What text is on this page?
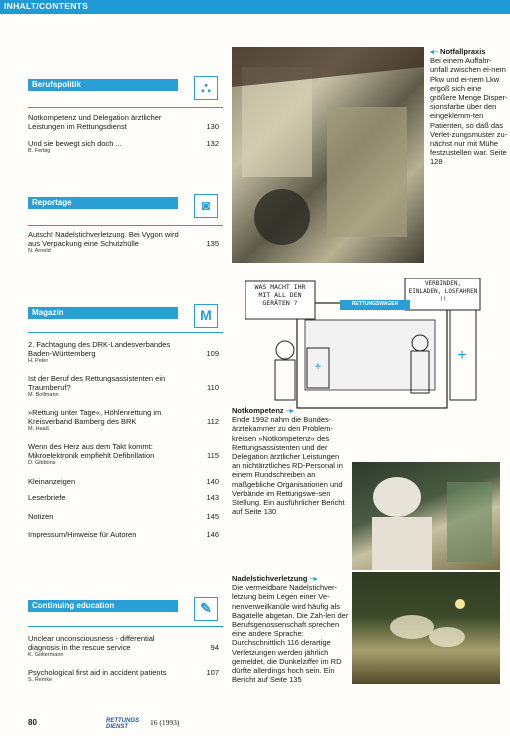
INHALT/CONTENTS
Berufspolitik	⛬
Notkompetenz und Delegation ärztlicher Leistungen im Rettungsdienst	130
Und sie bewegt sich doch ...	132
B. Ferbig
Reportage	◙
Autsch! Nadelstichverletzung. Bei Vygon wird aus Verpackung eine Schutzhülle	135
N. Arnold
Magazin	M
2. Fachtagung des DRK-Landesverbandes Baden-Württemberg	109
H. Peter
Ist der Beruf des Rettungsassistenten ein Traumberuf?	110
M. Bollmann
»Rettung unter Tage«, Höhlenrettung im Kreisverband Bamberg des BRK	112
M. Haaß
Wenn des Herz aus dem Takt kommt: Mikroelektronik empfiehlt Defibrillation	115
D. Gibbons
Kleinanzeigen	140
Leserbriefe	143
Notizen	145
Impressum/Hinweise für Autoren	146
Continuing education	✎
Unclear unconsciousness - differential diagnosis in the rescue service	94
K. Goltermann
Psychological first aid in accident patients	107
S. Remke
◂– Notfallpraxis
Bei einem Auffahr-unfall zwischen ei-nem Pkw und ei-nem Lkw ergoß sich eine größere Menge Disper-sionsfarbe über den eingeklemm-ten Patienten, so daß das Verlet-zungsmuster zu-nächst nur mit Mühe festzustellen war. Seite 128
+
+
WAS MACHT IHR MIT ALL DEN GERÄTEN ?
VERBINDEN, EINLADEN, LOSFAHREN !!
RETTUNGSWAGEN
Notkompetenz –▸
Ende 1992 nahm die Bundes-ärztekammer zu den Problem-kreisen »Notkompetenz« des Rettungsassistenten und der Delegation ärztlicher Leistungen an nichtärztliches RD-Personal in einem Rundschreiben an maßgebliche Organisationen und Verbände im Rettungswe-sen Stellung. Ein ausführlicher Bericht auf Seite 130
Nadelstichverletzung –▸
Die vermeidbare Nadelstichver-letzung beim Legen einer Ve-nenverweilkanüle wird häufig als Bagatelle abgetan. Die Zah-len der Berufsgenossenschaft sprechen eine andere Sprache: Durchschnittlich 116 derartige Verletzungen werden jährlich gemeldet, die Dunkelziffer im RD dürfte allerdings hoch sein. Ein Bericht auf Seite 135
80	RETTUNGS DIENST	16 (1993)
